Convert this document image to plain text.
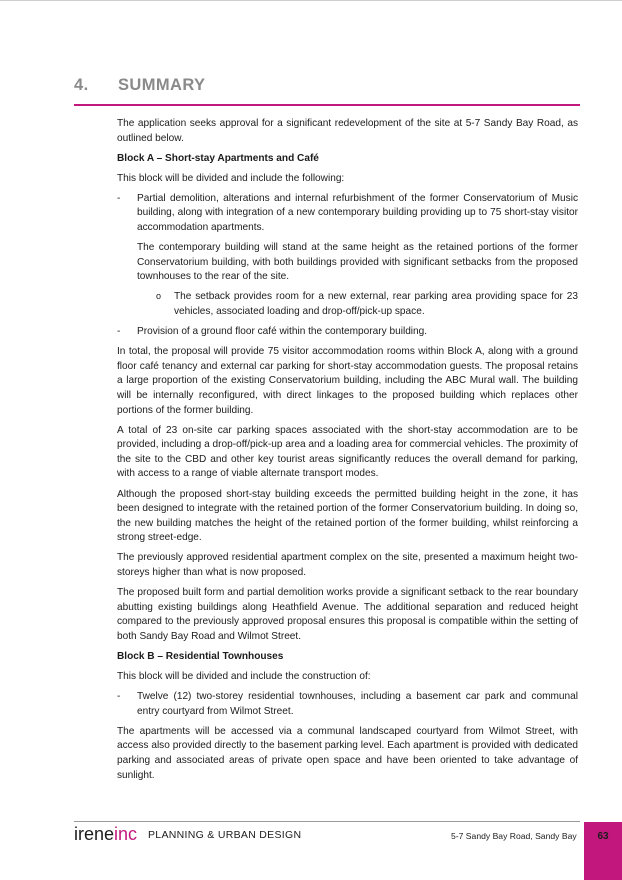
4. SUMMARY

The application seeks approval for a significant redevelopment of the site at 5-7 Sandy Bay Road, as outlined below.

Block A – Short-stay Apartments and Café

This block will be divided and include the following:

- Partial demolition, alterations and internal refurbishment of the former Conservatorium of Music building, along with integration of a new contemporary building providing up to 75 short-stay visitor accommodation apartments.
The contemporary building will stand at the same height as the retained portions of the former Conservatorium building, with both buildings provided with significant setbacks from the proposed townhouses to the rear of the site.
o The setback provides room for a new external, rear parking area providing space for 23 vehicles, associated loading and drop-off/pick-up space.
- Provision of a ground floor café within the contemporary building.

In total, the proposal will provide 75 visitor accommodation rooms within Block A, along with a ground floor café tenancy and external car parking for short-stay accommodation guests. The proposal retains a large proportion of the existing Conservatorium building, including the ABC Mural wall. The building will be internally reconfigured, with direct linkages to the proposed building which replaces other portions of the former building.

A total of 23 on-site car parking spaces associated with the short-stay accommodation are to be provided, including a drop-off/pick-up area and a loading area for commercial vehicles. The proximity of the site to the CBD and other key tourist areas significantly reduces the overall demand for parking, with access to a range of viable alternate transport modes.

Although the proposed short-stay building exceeds the permitted building height in the zone, it has been designed to integrate with the retained portion of the former Conservatorium building. In doing so, the new building matches the height of the retained portion of the former building, whilst reinforcing a strong street-edge.

The previously approved residential apartment complex on the site, presented a maximum height two-storeys higher than what is now proposed.

The proposed built form and partial demolition works provide a significant setback to the rear boundary abutting existing buildings along Heathfield Avenue. The additional separation and reduced height compared to the previously approved proposal ensures this proposal is compatible within the setting of both Sandy Bay Road and Wilmot Street.

Block B – Residential Townhouses

This block will be divided and include the construction of:

- Twelve (12) two-storey residential townhouses, including a basement car park and communal entry courtyard from Wilmot Street.

The apartments will be accessed via a communal landscaped courtyard from Wilmot Street, with access also provided directly to the basement parking level. Each apartment is provided with dedicated parking and associated areas of private open space and have been oriented to take advantage of sunlight.

ireneinc PLANNING & URBAN DESIGN	5-7 Sandy Bay Road, Sandy Bay	63
